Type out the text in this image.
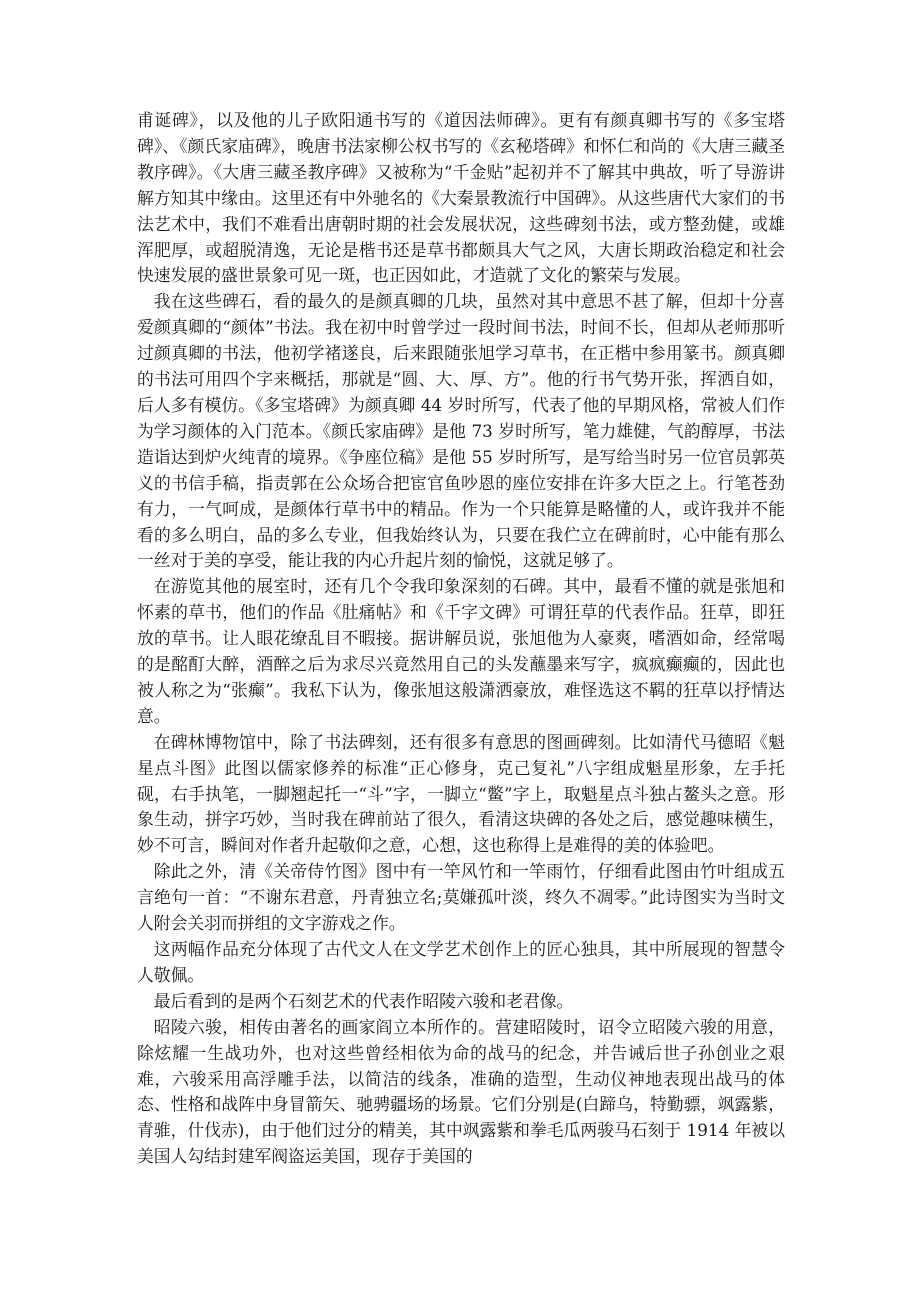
甫诞碑》，以及他的儿子欧阳通书写的《道因法师碑》。更有有颜真卿书写的《多宝塔碑》、《颜氏家庙碑》，晚唐书法家柳公权书写的《玄秘塔碑》和怀仁和尚的《大唐三藏圣教序碑》。《大唐三藏圣教序碑》又被称为“千金贴”起初并不了解其中典故，听了导游讲解方知其中缘由。这里还有中外驰名的《大秦景教流行中国碑》。从这些唐代大家们的书法艺术中，我们不难看出唐朝时期的社会发展状况，这些碑刻书法，或方整劲健，或雄浑肥厚，或超脱清逸，无论是楷书还是草书都颇具大气之风，大唐长期政治稳定和社会快速发展的盛世景象可见一斑，也正因如此，才造就了文化的繁荣与发展。

我在这些碑石，看的最久的是颜真卿的几块，虽然对其中意思不甚了解，但却十分喜爱颜真卿的“颜体”书法。我在初中时曾学过一段时间书法，时间不长，但却从老师那听过颜真卿的书法，他初学褚遂良，后来跟随张旭学习草书，在正楷中参用篆书。颜真卿的书法可用四个字来概括，那就是“圆、大、厚、方”。他的行书气势开张，挥洒自如，后人多有模仿。《多宝塔碑》为颜真卿 44 岁时所写，代表了他的早期风格，常被人们作为学习颜体的入门范本。《颜氏家庙碑》是他 73 岁时所写，笔力雄健，气韵醇厚，书法造诣达到炉火纯青的境界。《争座位稿》是他 55 岁时所写，是写给当时另一位官员郭英义的书信手稿，指责郭在公众场合把宦官鱼吵恩的座位安排在许多大臣之上。行笔苍劲有力，一气呵成，是颜体行草书中的精品。作为一个只能算是略懂的人，或许我并不能看的多么明白，品的多么专业，但我始终认为，只要在我伫立在碑前时，心中能有那么一丝对于美的享受，能让我的内心升起片刻的愉悦，这就足够了。

在游览其他的展室时，还有几个令我印象深刻的石碑。其中，最看不懂的就是张旭和怀素的草书，他们的作品《肚痛帖》和《千字文碑》可谓狂草的代表作品。狂草，即狂放的草书。让人眼花缭乱目不暇接。据讲解员说，张旭他为人豪爽，嗜酒如命，经常喝的是酩酊大醉，酒醉之后为求尽兴竟然用自己的头发蘸墨来写字，疯疯癫癫的，因此也被人称之为“张癫”。我私下认为，像张旭这般潇洒豪放，难怪选这不羁的狂草以抒情达意。

在碑林博物馆中，除了书法碑刻，还有很多有意思的图画碑刻。比如清代马德昭《魁星点斗图》此图以儒家修养的标准“正心修身，克己复礼”八字组成魁星形象，左手托砚，右手执笔，一脚翘起托一“斗”字，一脚立“鳖”字上，取魁星点斗独占鳌头之意。形象生动，拼字巧妙，当时我在碑前站了很久，看清这块碑的各处之后，感觉趣味横生，妙不可言，瞬间对作者升起敬仰之意，心想，这也称得上是难得的美的体验吧。

除此之外，清《关帝侍竹图》图中有一竿风竹和一竿雨竹，仔细看此图由竹叶组成五言绝句一首：“不谢东君意，丹青独立名;莫嫌孤叶淡，终久不凋零。”此诗图实为当时文人附会关羽而拼组的文字游戏之作。

这两幅作品充分体现了古代文人在文学艺术创作上的匠心独具，其中所展现的智慧令人敬佩。

最后看到的是两个石刻艺术的代表作昭陵六骏和老君像。

昭陵六骏，相传由著名的画家阎立本所作的。营建昭陵时，诏令立昭陵六骏的用意，除炫耀一生战功外，也对这些曾经相依为命的战马的纪念，并告诫后世子孙创业之艰难，六骏采用高浮雕手法，以简洁的线条，准确的造型，生动仪神地表现出战马的体态、性格和战阵中身冒箭矢、驰骋疆场的场景。它们分别是(白蹄乌，特勤骠，飒露紫，青骓，什伐赤)，由于他们过分的精美，其中飒露紫和拳毛瓜两骏马石刻于 1914 年被以美国人勾结封建军阀盗运美国，现存于美国的
